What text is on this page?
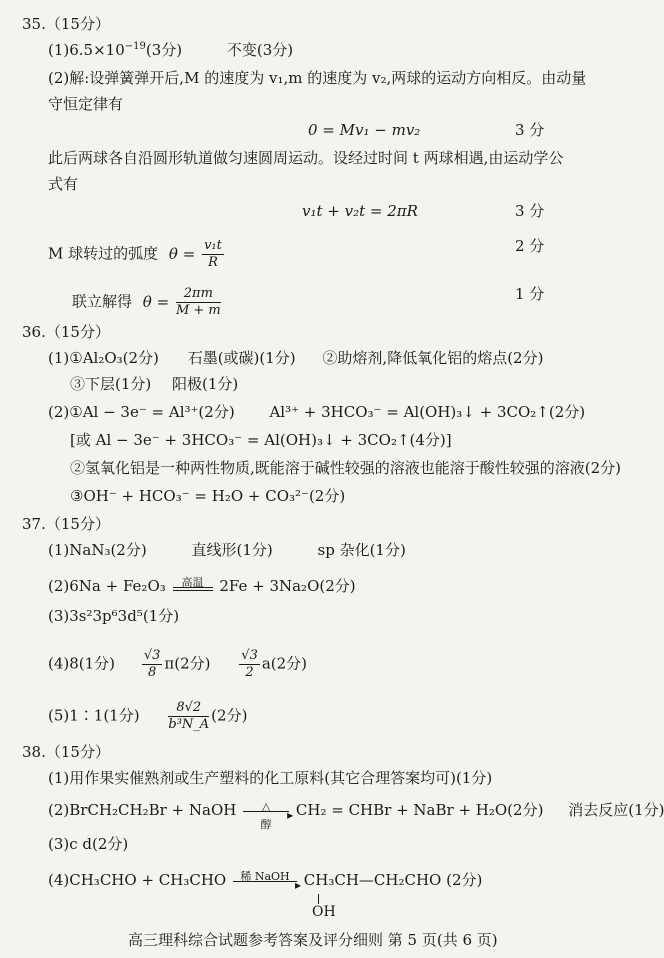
35.（15分）
$(1)6.5\times 10^{-19}(3$分)	不变(3分)
(2)解:设弹簧弹开后,M 的速度为 v₁,m 的速度为 v₂,两球的运动方向相反。由动量
守恒定律有
0 = Mv₁ − mv₂	3 分
此后两球各自沿圆形轨道做匀速圆周运动。设经过时间 t 两球相遇,由运动学公
式有
v₁t + v₂t = 2πR	3 分
M 球转过的弧度 $\theta = \frac{\text{v₁t}}{R}$	2 分
联立解得 $\theta = \frac{2\pi m}{M + m}$	1 分
36.（15分）
(1)①Al₂O₃(2分) 石墨(或碳)(1分) ②助熔剂,降低氧化铝的熔点(2分)
③下层(1分) 阳极(1分)
(2)①Al − 3e⁻ = Al³⁺(2分) Al³⁺ + 3HCO₃⁻ = Al(OH)₃↓ + 3CO₂↑(2分)
[或 Al − 3e⁻ + 3HCO₃⁻ = Al(OH)₃↓ + 3CO₂↑(4分)]
②氢氧化铝是一种两性物质,既能溶于碱性较强的溶液也能溶于酸性较强的溶液(2分)
③OH⁻ + HCO₃⁻ = H₂O + CO₃²⁻(2分)
37.（15分）
(1)NaN₃(2分)	直线形(1分)	sp 杂化(1分)
(2)6Na + Fe₂O₃	高温	2Fe + 3Na₂O(2分)
(3)3s²3p⁶3d⁵(1分)
(4)8(1分) $\frac{√3}{8} \pi(2$分) $\frac{√3}{2} a(2$分)
(5)1∶1(1分) $\frac{8√2}{\text{b³N\_A}} (2$分)
38.（15分）
(1)用作果实催熟剂或生产塑料的化工原料(其它合理答案均可)(1分)
(2)BrCH₂CH₂Br + NaOH	△
▸
醇
CH₂ = CHBr + NaBr + H₂O(2分) 消去反应(1分)
(3)c d(2分)
(4)CH₃CHO + CH₃CHO	稀 NaOH
▸ CH₃CH—CH₂CHO (2分)
OH
高三理科综合试题参考答案及评分细则 第 5 页(共 6 页)
